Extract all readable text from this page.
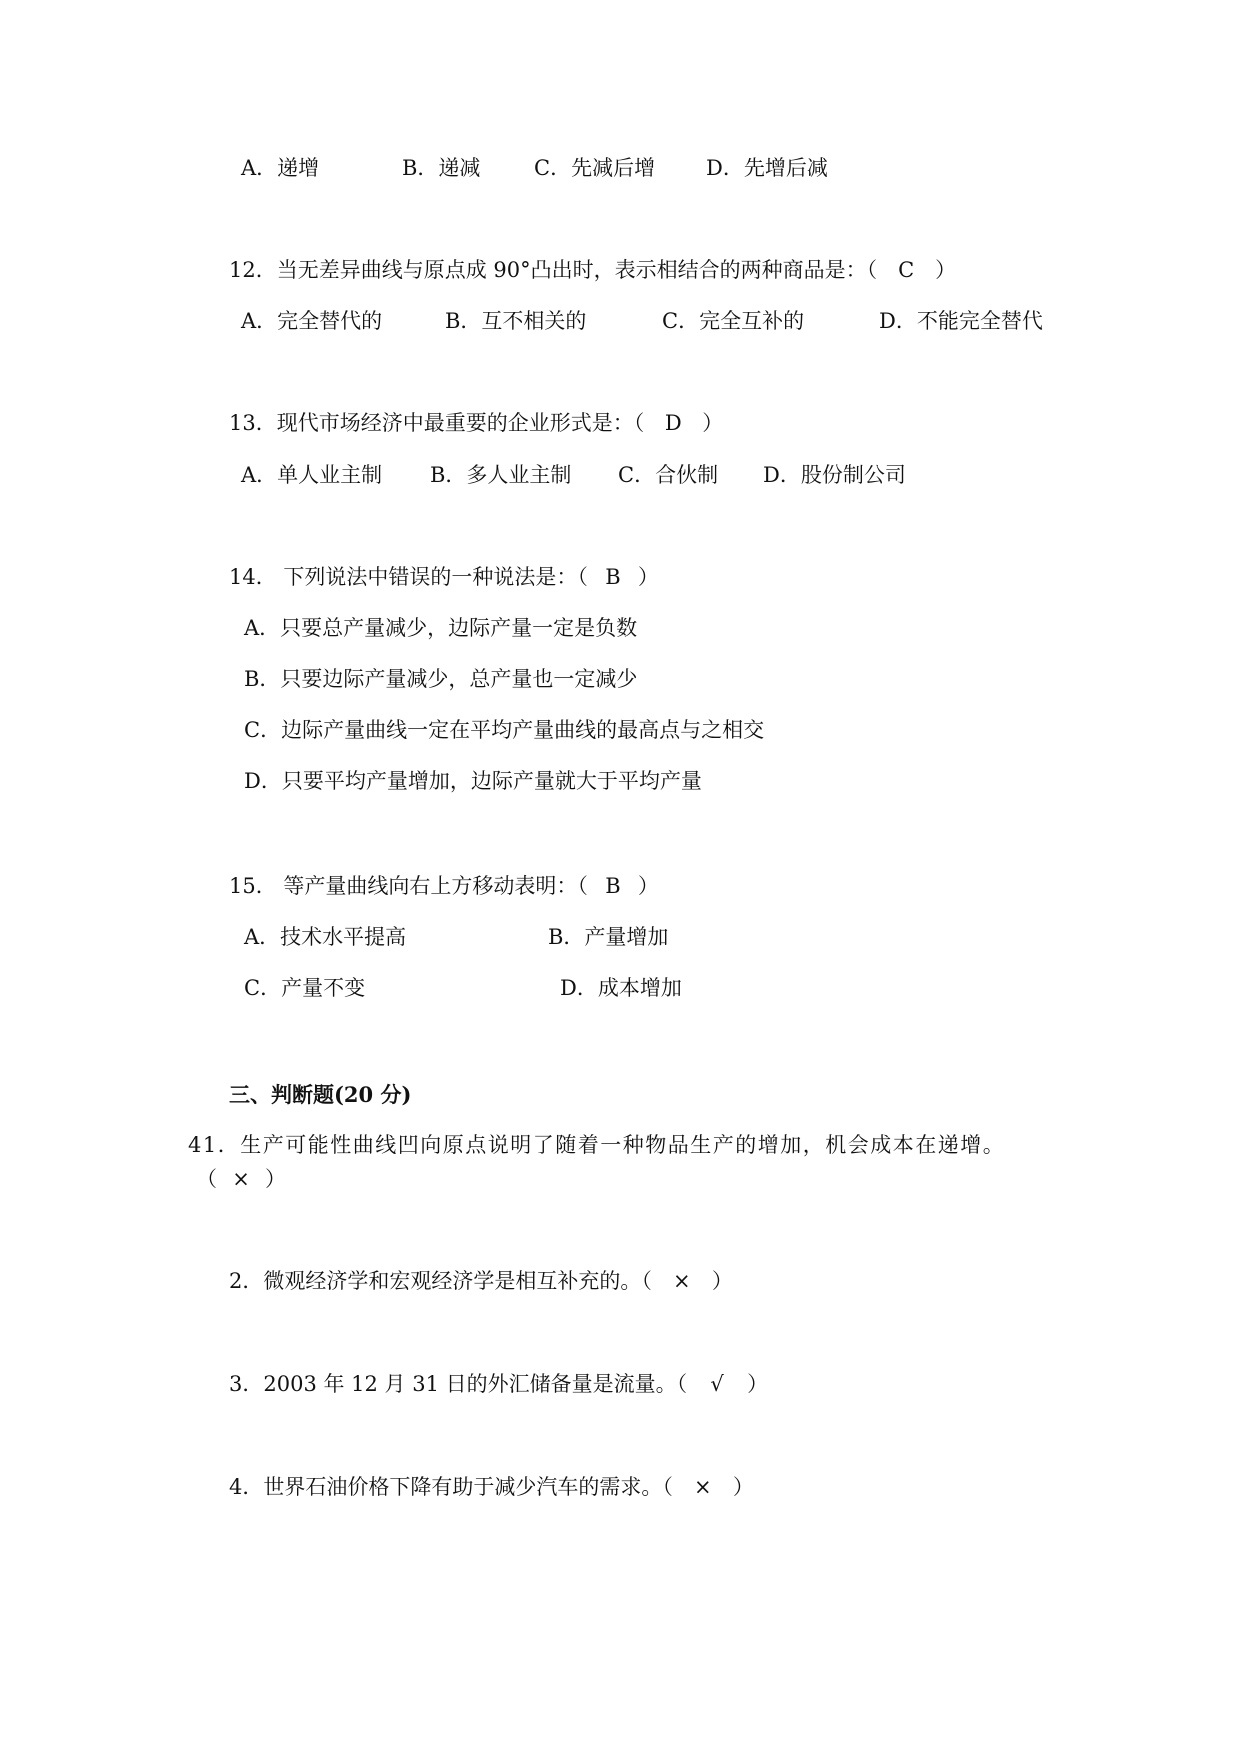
A．递增	B．递减	C．先减后增 D．先增后减
12．当无差异曲线与原点成 90°凸出时，表示相结合的两种商品是：（ C ）
A．完全替代的	B．互不相关的	C．完全互补的	D．不能完全替代
13．现代市场经济中最重要的企业形式是：（ D ）
A．单人业主制 B．多人业主制 C．合伙制 D．股份制公司
14． 下列说法中错误的一种说法是：（ B ）
A．只要总产量减少，边际产量一定是负数
B．只要边际产量减少，总产量也一定减少
C．边际产量曲线一定在平均产量曲线的最高点与之相交
D．只要平均产量增加，边际产量就大于平均产量
15． 等产量曲线向右上方移动表明：（ B ）
A．技术水平提高	B．产量增加
C．产量不变	D．成本增加
三、判断题(20 分)
41．生产可能性曲线凹向原点说明了随着一种物品生产的增加，机会成本在递增。
（ × ）
2．微观经济学和宏观经济学是相互补充的。（ × ）
3．2003 年 12 月 31 日的外汇储备量是流量。（ √ ）
4．世界石油价格下降有助于减少汽车的需求。（ × ）
